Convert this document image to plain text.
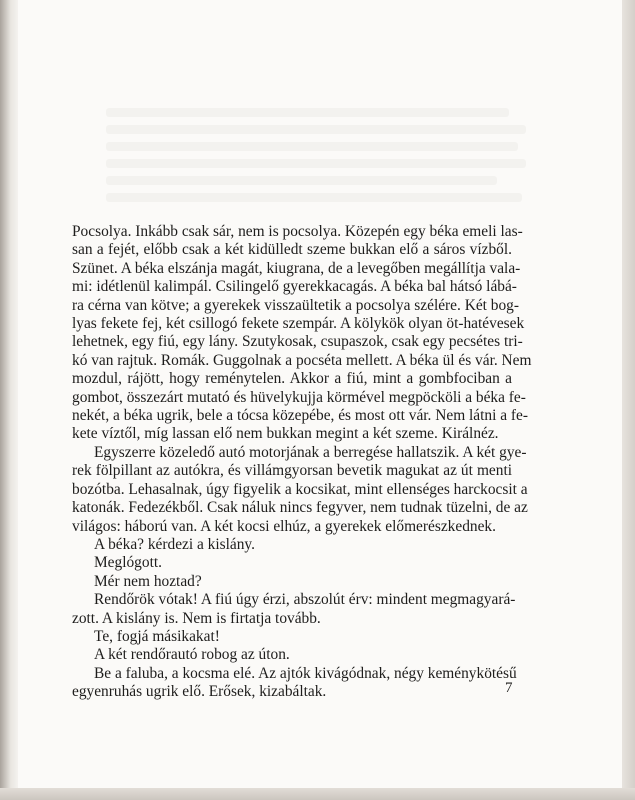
Pocsolya. Inkább csak sár, nem is pocsolya. Közepén egy béka emeli las-
san a fejét, előbb csak a két kidülledt szeme bukkan elő a sáros vízből.
Szünet. A béka elszánja magát, kiugrana, de a levegőben megállítja vala-
mi: idétlenül kalimpál. Csilingelő gyerekkacagás. A béka bal hátsó lábá-
ra cérna van kötve; a gyerekek visszaültetik a pocsolya szélére. Két bog-
lyas fekete fej, két csillogó fekete szempár. A kölykök olyan öt-hatévesek
lehetnek, egy fiú, egy lány. Szutykosak, csupaszok, csak egy pecsétes tri-
kó van rajtuk. Romák. Guggolnak a pocséta mellett. A béka ül és vár. Nem
mozdul, rájött, hogy reménytelen. Akkor a fiú, mint a gombfociban a
gombot, összezárt mutató és hüvelykujja körmével megpöcköli a béka fe-
nekét, a béka ugrik, bele a tócsa közepébe, és most ott vár. Nem látni a fe-
kete víztől, míg lassan elő nem bukkan megint a két szeme. Királnéz.
Egyszerre közeledő autó motorjának a berregése hallatszik. A két gye-
rek fölpillant az autókra, és villámgyorsan bevetik magukat az út menti
bozótba. Lehasalnak, úgy figyelik a kocsikat, mint ellenséges harckocsit a
katonák. Fedezékből. Csak náluk nincs fegyver, nem tudnak tüzelni, de az
világos: háború van. A két kocsi elhúz, a gyerekek előmerészkednek.
A béka? kérdezi a kislány.
Meglógott.
Mér nem hoztad?
Rendőrök vótak! A fiú úgy érzi, abszolút érv: mindent megmagyará-
zott. A kislány is. Nem is firtatja tovább.
Te, fogjá másikakat!
A két rendőrautó robog az úton.
Be a faluba, a kocsma elé. Az ajtók kivágódnak, négy keménykötésű
egyenruhás ugrik elő. Erősek, kizabáltak.	7
